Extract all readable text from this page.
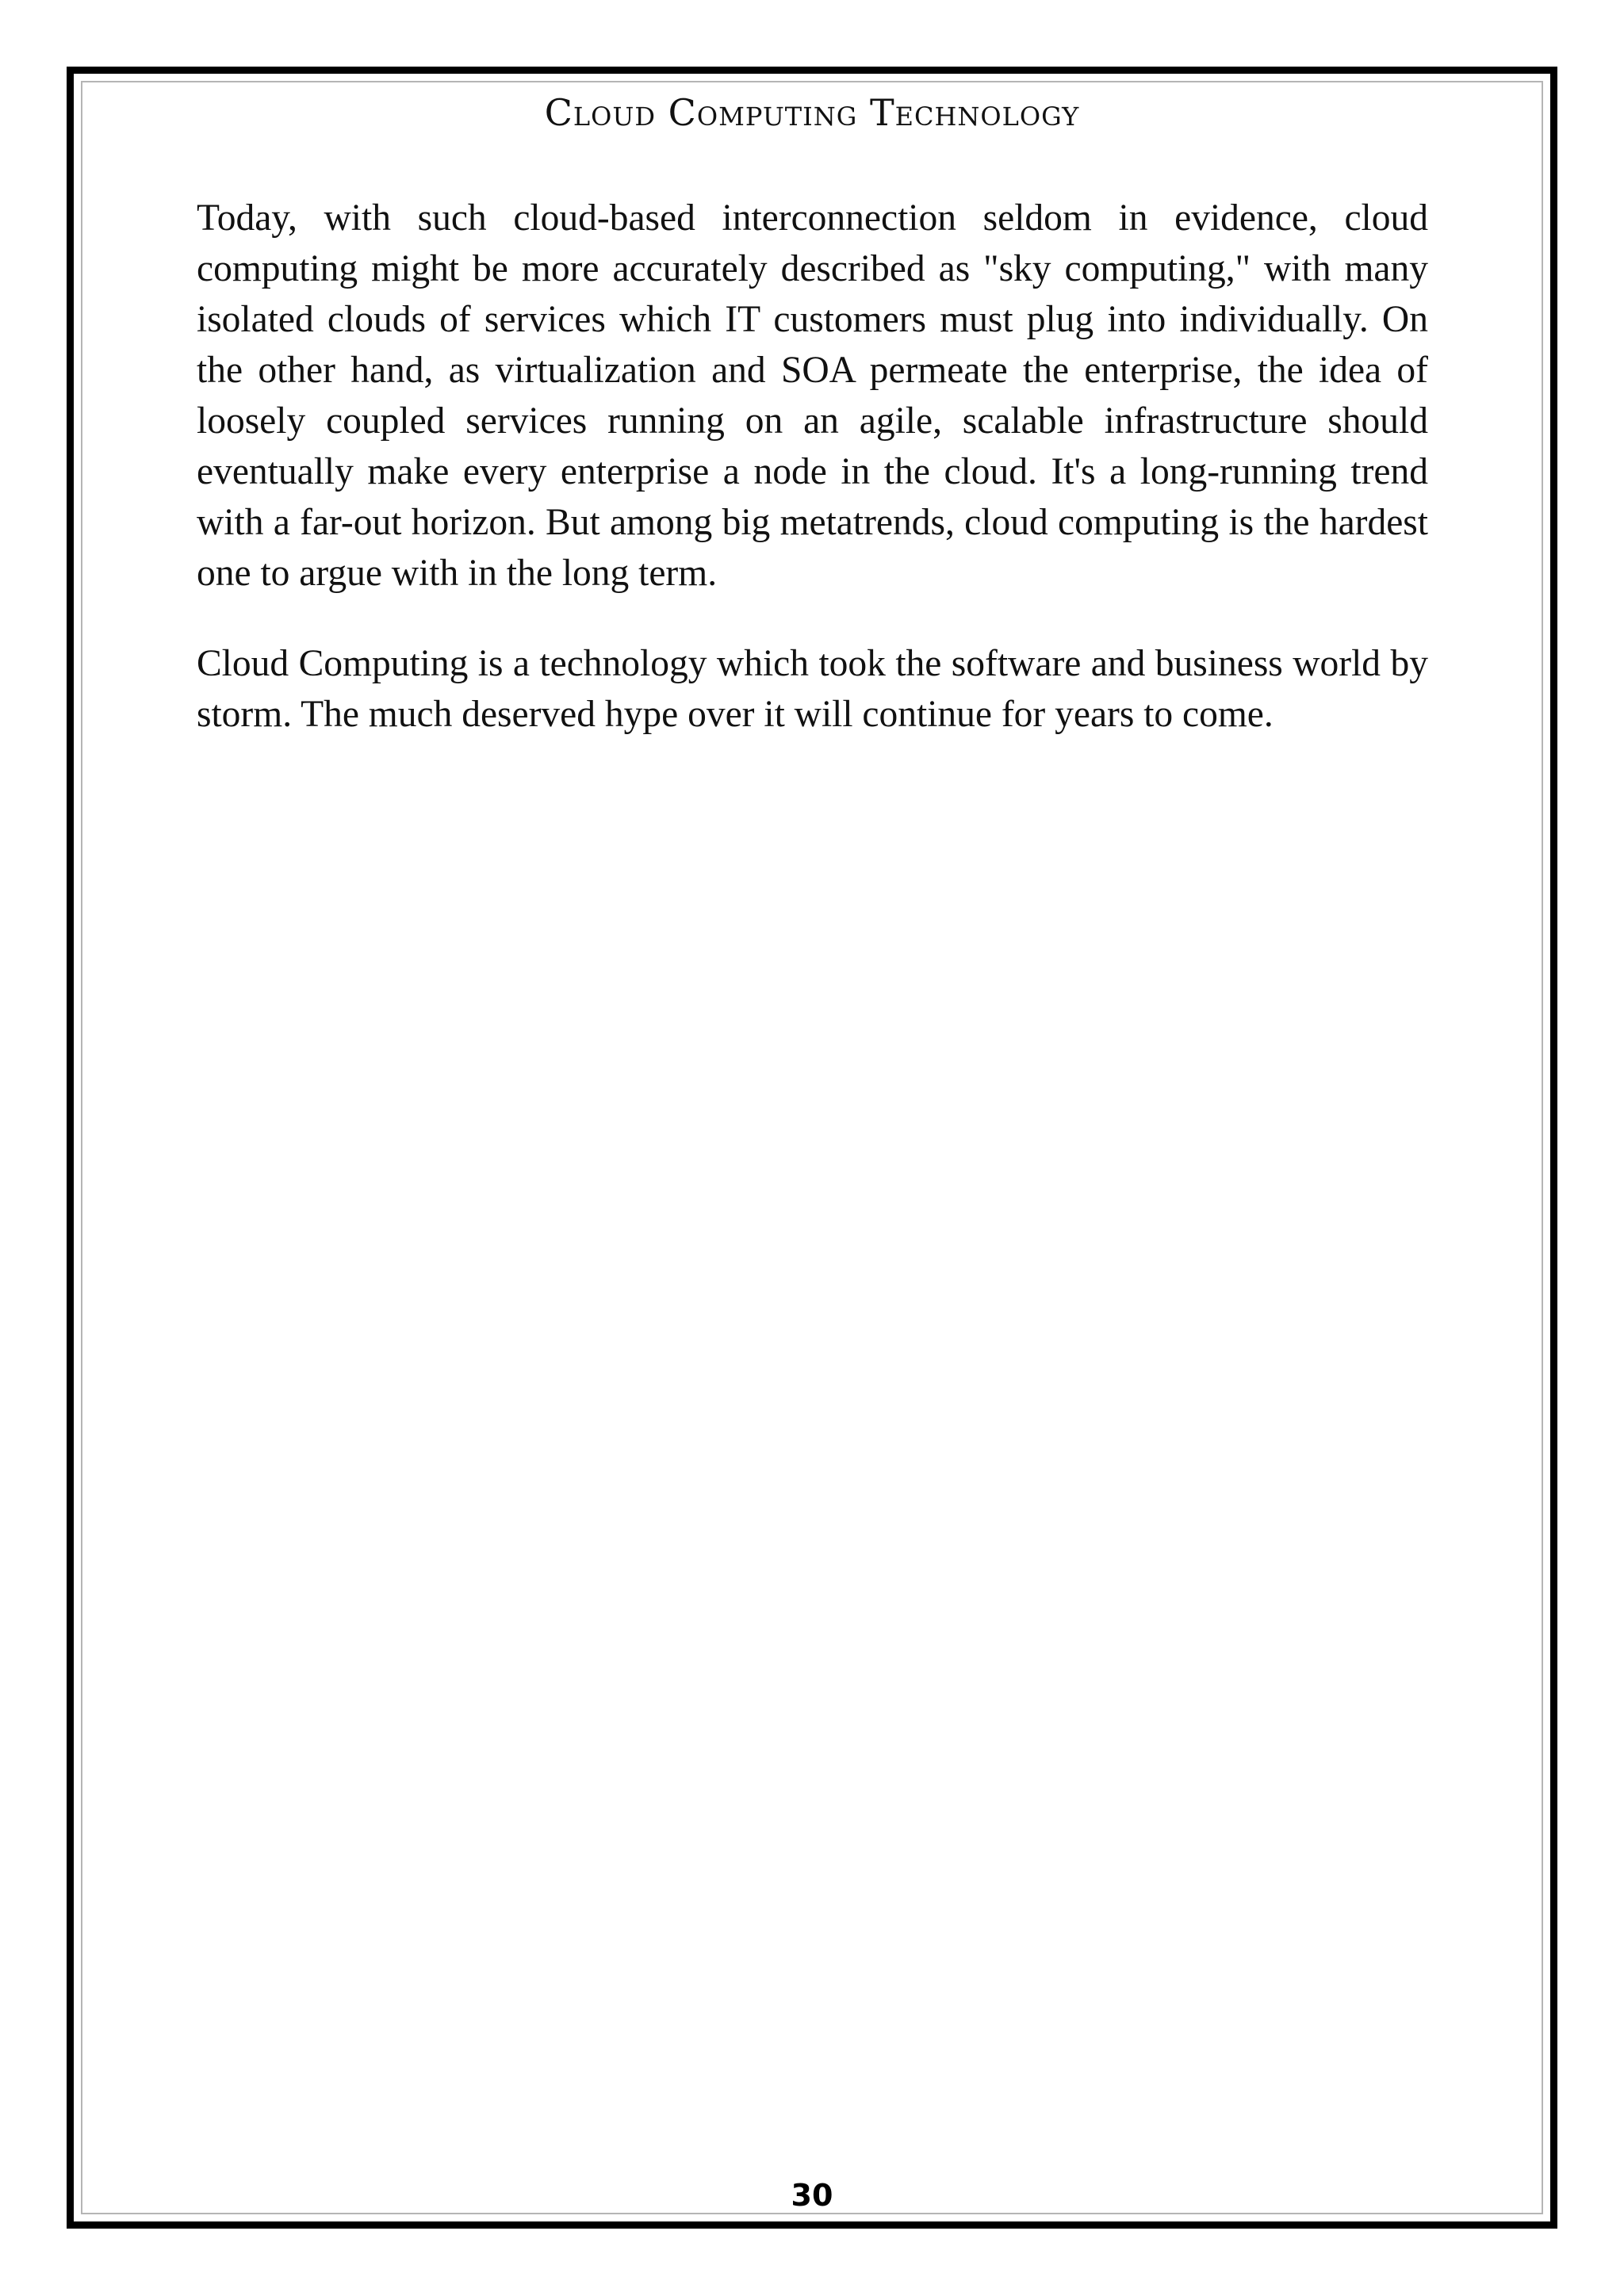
Cloud Computing Technology

Today, with such cloud-based interconnection seldom in evidence, cloud computing might be more accurately described as "sky computing," with many isolated clouds of services which IT customers must plug into individually. On the other hand, as virtualization and SOA permeate the enterprise, the idea of loosely coupled services running on an agile, scalable infrastructure should eventually make every enterprise a node in the cloud. It's a long-running trend with a far-out horizon. But among big metatrends, cloud computing is the hardest one to argue with in the long term.

Cloud Computing is a technology which took the software and business world by storm. The much deserved hype over it will continue for years to come.

30
